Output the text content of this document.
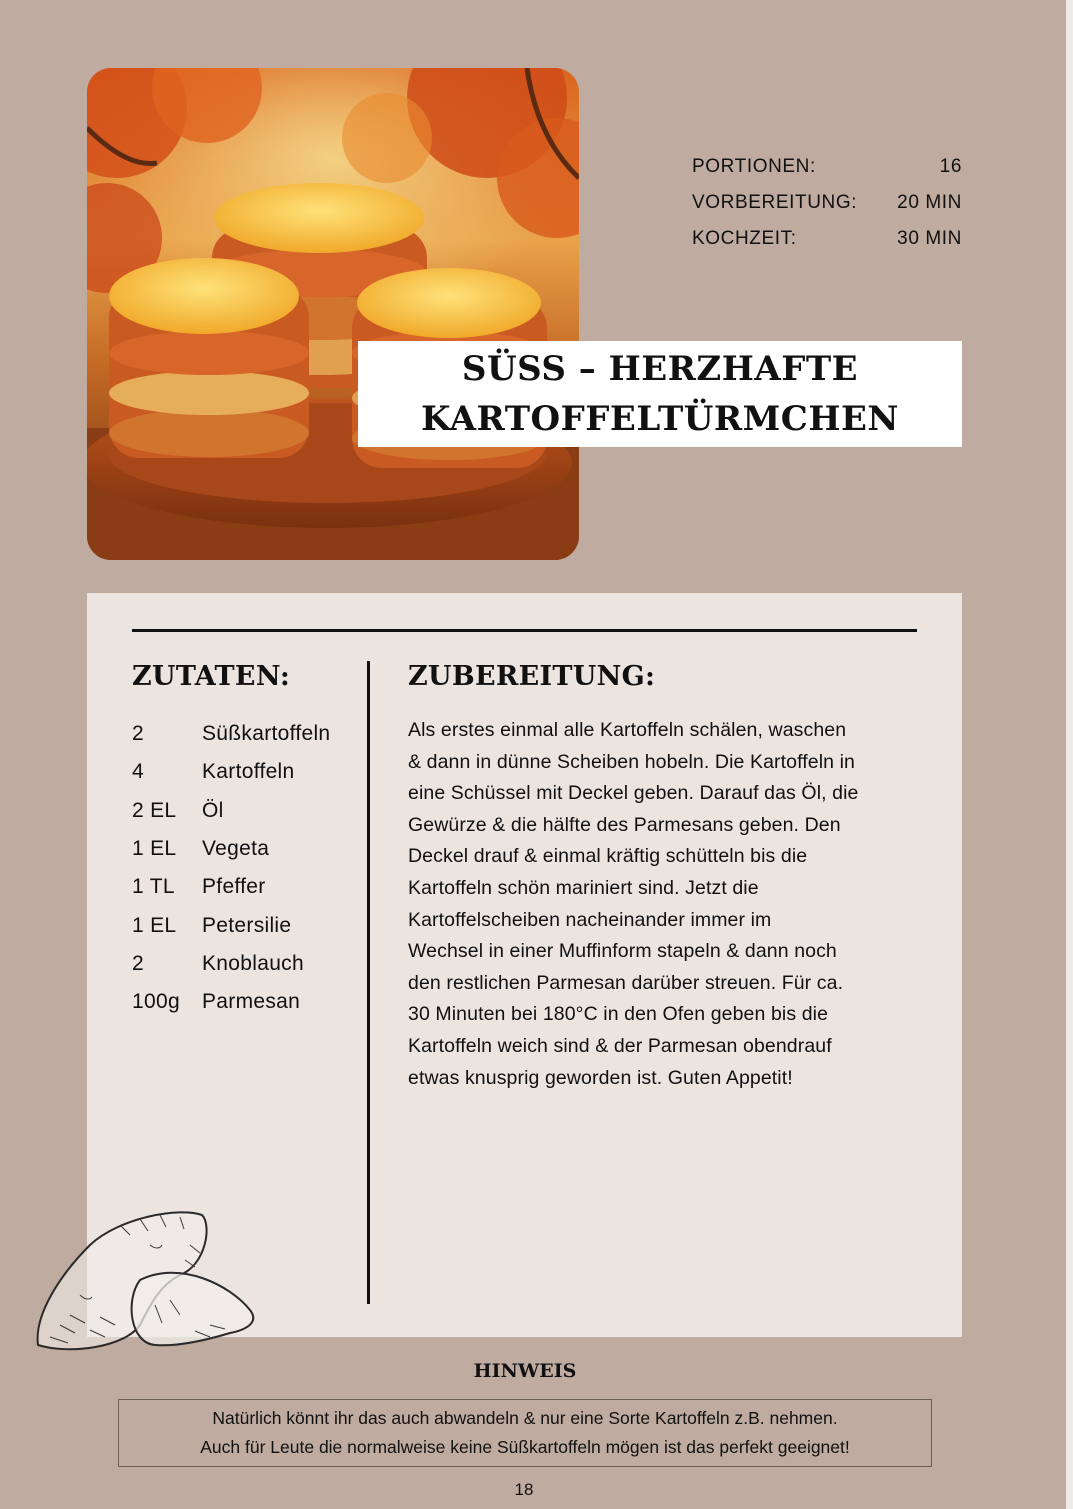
PORTIONEN:	16
VORBEREITUNG: 20 MIN
KOCHZEIT:	30 MIN
SÜSS – HERZHAFTE
KARTOFFELTÜRMCHEN
ZUTATEN:
2	Süßkartoffeln
4	Kartoffeln
2 EL	Öl
1 EL	Vegeta
1 TL	Pfeffer
1 EL	Petersilie
2	Knoblauch
100g	Parmesan
ZUBEREITUNG:
Als erstes einmal alle Kartoffeln schälen, waschen
& dann in dünne Scheiben hobeln. Die Kartoffeln in
eine Schüssel mit Deckel geben. Darauf das Öl, die
Gewürze & die hälfte des Parmesans geben. Den
Deckel drauf & einmal kräftig schütteln bis die
Kartoffeln schön mariniert sind. Jetzt die
Kartoffelscheiben nacheinander immer im
Wechsel in einer Muffinform stapeln & dann noch
den restlichen Parmesan darüber streuen. Für ca.
30 Minuten bei 180°C in den Ofen geben bis die
Kartoffeln weich sind & der Parmesan obendrauf
etwas knusprig geworden ist. Guten Appetit!
HINWEIS
Natürlich könnt ihr das auch abwandeln & nur eine Sorte Kartoffeln z.B. nehmen.
Auch für Leute die normalweise keine Süßkartoffeln mögen ist das perfekt geeignet!
18
